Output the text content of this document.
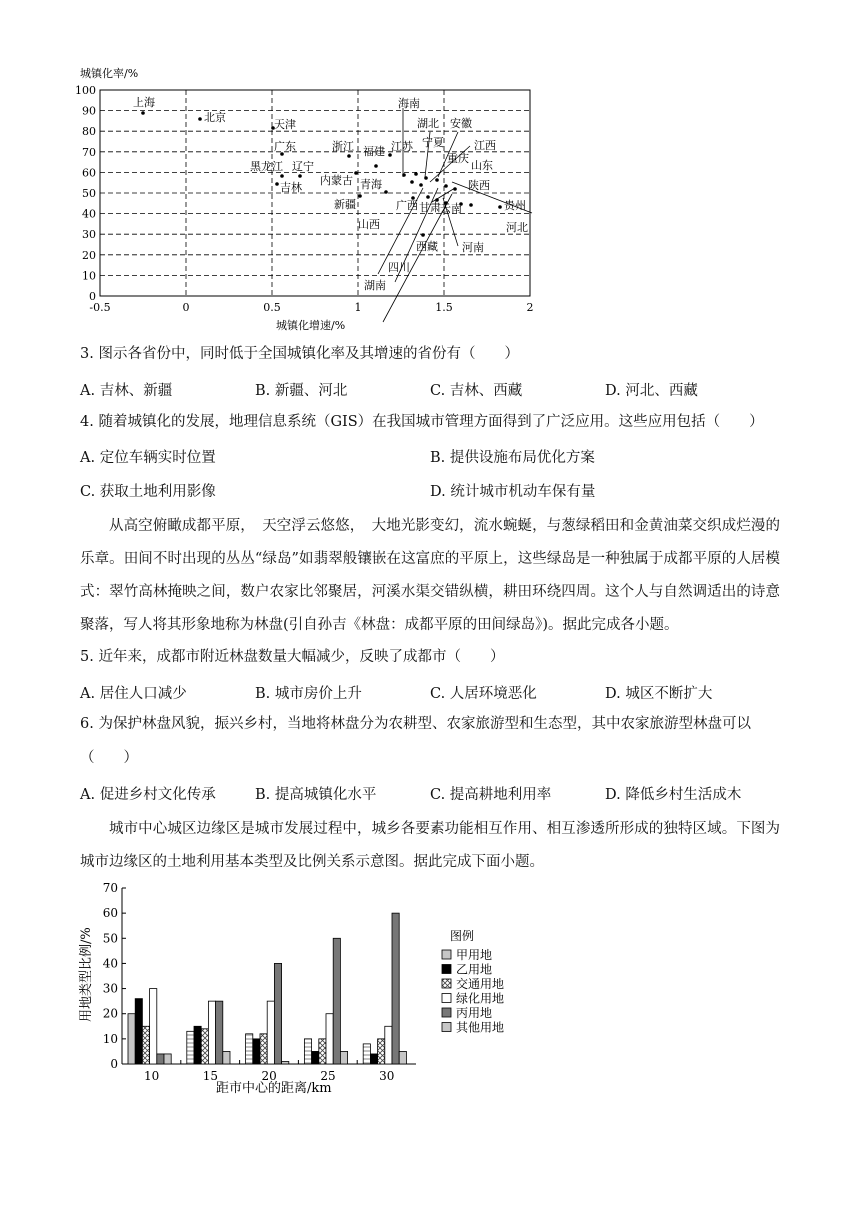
城镇化率/%
0
10
20
30
40
50
60
70
80
90
100
-0.5	0	0.5	1	1.5	2
上海
北京
天津
广东	浙江 福建 江苏
海南
湖北 安徽
宁夏	江西
重庆
山东
黑龙江 辽宁
内蒙古 青海	陕西
吉林
新疆	广西 甘肃 云南	贵州
山西	河北
西藏 河南
四川
湖南
城镇化增速/%
3. 图示各省份中，同时低于全国城镇化率及其增速的省份有（　　）
A. 吉林、新疆	B. 新疆、河北	C. 吉林、西藏	D. 河北、西藏
4. 随着城镇化的发展，地理信息系统（GIS）在我国城市管理方面得到了广泛应用。这些应用包括（　　）
A. 定位车辆实时位置	B. 提供设施布局优化方案
C. 获取土地利用影像	D. 统计城市机动车保有量
从高空俯瞰成都平原，　天空浮云悠悠，　大地光影变幻，流水蜿蜒，与葱绿稻田和金黄油菜交织成烂漫的乐章。田间不时出现的丛丛“绿岛”如翡翠般镶嵌在这富庶的平原上，这些绿岛是一种独属于成都平原的人居模式：翠竹高林掩映之间，数户农家比邻聚居，河溪水渠交错纵横，耕田环绕四周。这个人与自然调适出的诗意聚落，写人将其形象地称为林盘(引自孙吉《林盘：成都平原的田间绿岛》)。据此完成各小题。
5. 近年来，成都市附近林盘数量大幅减少，反映了成都市（　　）
A. 居住人口减少	B. 城市房价上升	C. 人居环境恶化	D. 城区不断扩大
6. 为保护林盘风貌，振兴乡村，当地将林盘分为农耕型、农家旅游型和生态型，其中农家旅游型林盘可以
（　　）
A. 促进乡村文化传承	B. 提高城镇化水平	C. 提高耕地利用率	D. 降低乡村生活成木
城市中心城区边缘区是城市发展过程中，城乡各要素功能相互作用、相互渗透所形成的独特区域。下图为城市边缘区的土地利用基本类型及比例关系示意图。据此完成下面小题。
用地类型比例/%
0
10
20
30
40
50
60
70
10	15	20	25	30
距市中心的距离/km
图例
甲用地
乙用地
交通用地
绿化用地
丙用地
其他用地
